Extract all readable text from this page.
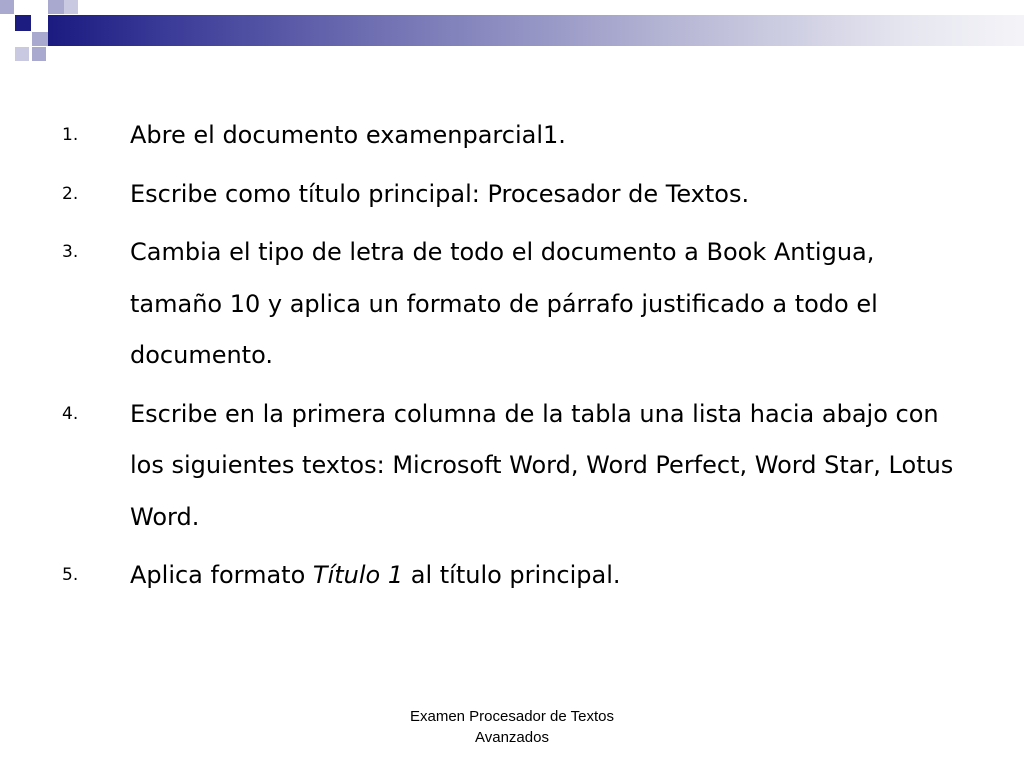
1. Abre el documento examenparcial1.
2. Escribe como título principal: Procesador de Textos.
3. Cambia el tipo de letra de todo el documento a Book Antigua, tamaño 10 y aplica un formato de párrafo justificado a todo el documento.
4. Escribe en la primera columna de la tabla una lista hacia abajo con los siguientes textos: Microsoft Word, Word Perfect, Word Star, Lotus Word.
5. Aplica formato Título 1 al título principal.
Examen Procesador de Textos
Avanzados
